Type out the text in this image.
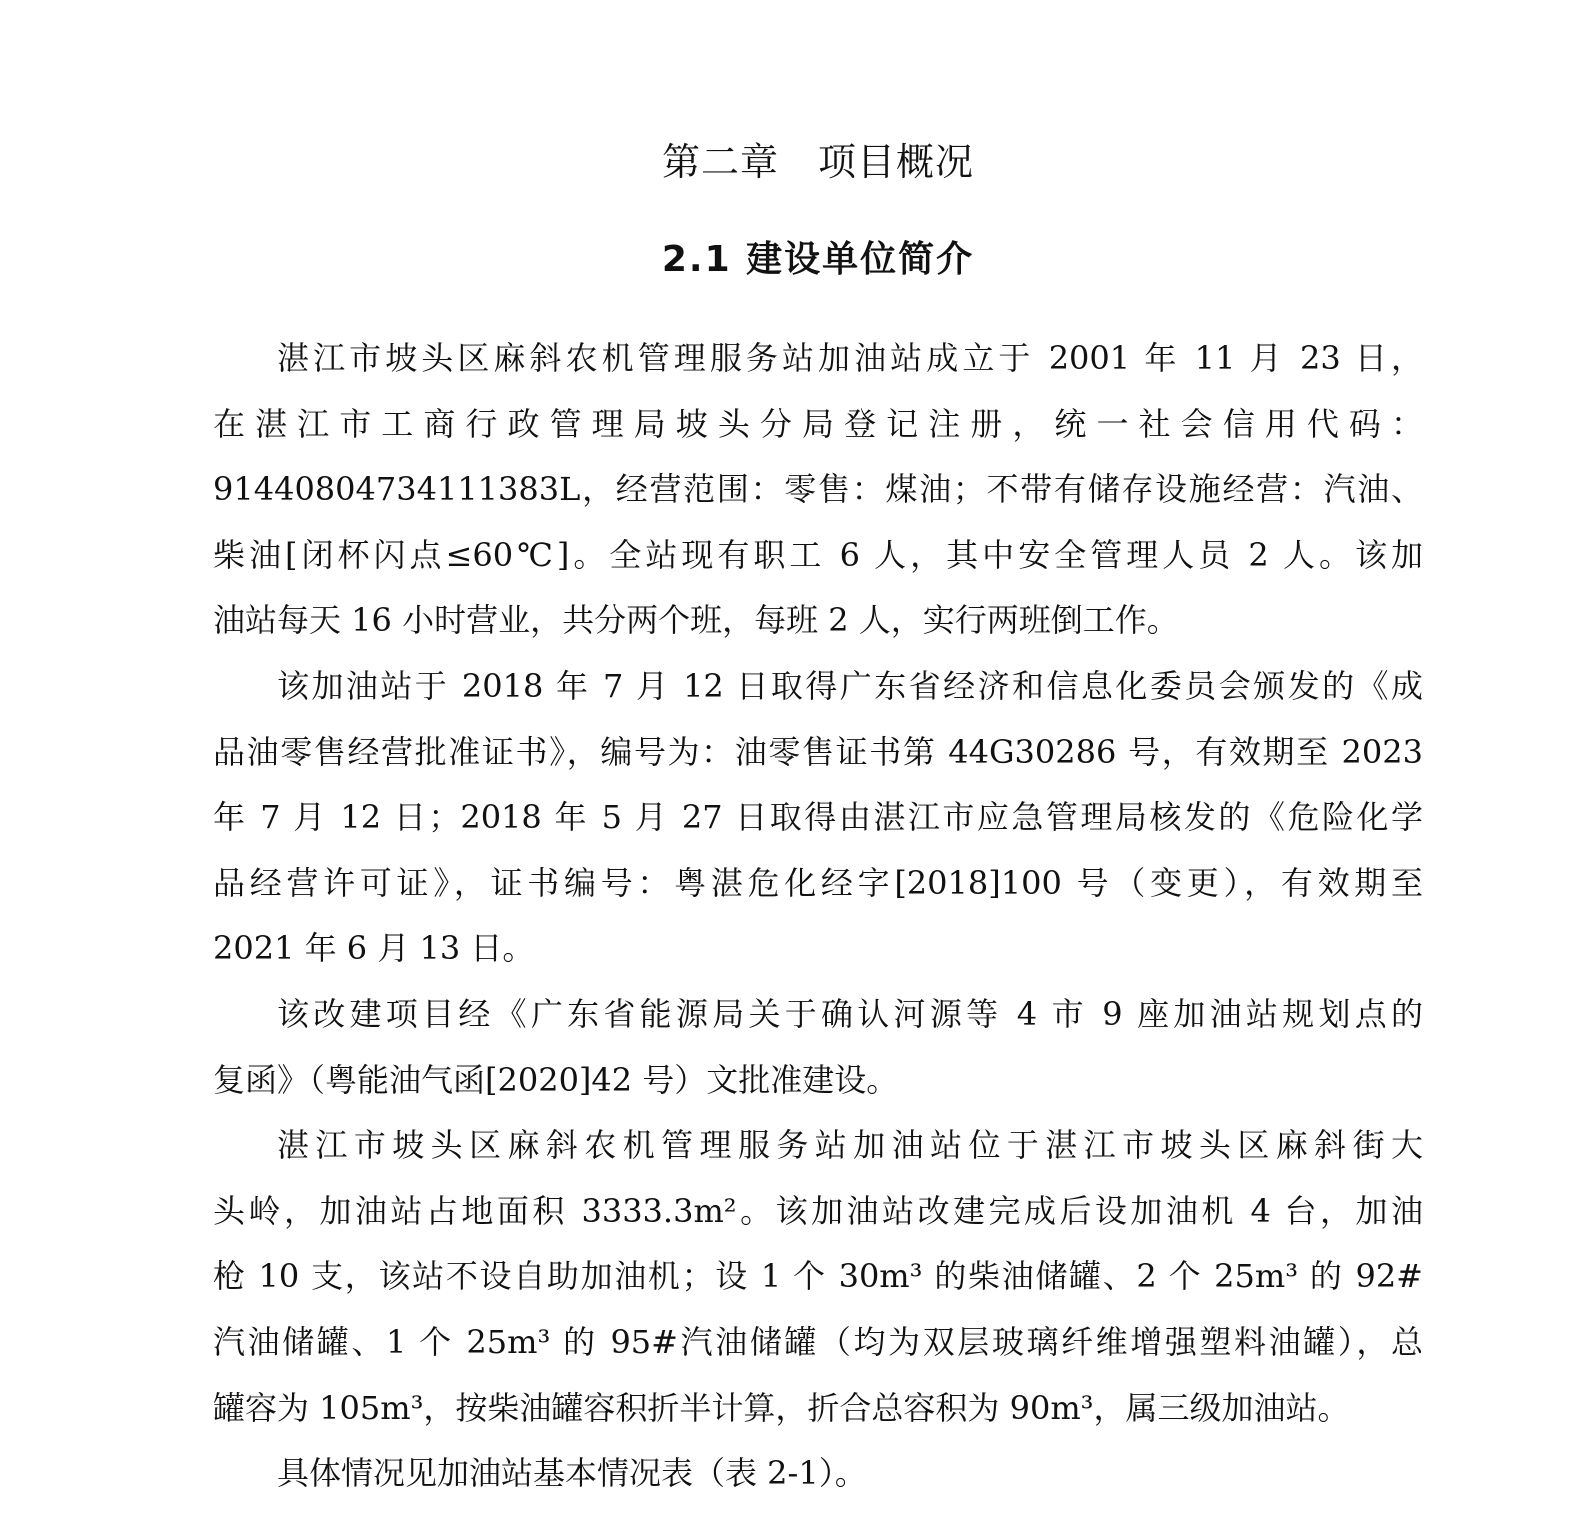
第二章　项目概况
2.1 建设单位简介

湛江市坡头区麻斜农机管理服务站加油站成立于 2001 年 11 月 23 日，
在湛江市工商行政管理局坡头分局登记注册，统一社会信用代码：
91440804734111383L，经营范围：零售：煤油；不带有储存设施经营：汽油、
柴油[闭杯闪点≤60℃]。全站现有职工 6 人，其中安全管理人员 2 人。该加
油站每天 16 小时营业，共分两个班，每班 2 人，实行两班倒工作。

该加油站于 2018 年 7 月 12 日取得广东省经济和信息化委员会颁发的《成
品油零售经营批准证书》，编号为：油零售证书第 44G30286 号，有效期至 2023
年 7 月 12 日；2018 年 5 月 27 日取得由湛江市应急管理局核发的《危险化学
品经营许可证》，证书编号：粤湛危化经字[2018]100 号（变更），有效期至
2021 年 6 月 13 日。

该改建项目经《广东省能源局关于确认河源等 4 市 9 座加油站规划点的
复函》（粤能油气函[2020]42 号）文批准建设。

湛江市坡头区麻斜农机管理服务站加油站位于湛江市坡头区麻斜街大
头岭，加油站占地面积 3333.3m²。该加油站改建完成后设加油机 4 台，加油
枪 10 支，该站不设自助加油机；设 1 个 30m³ 的柴油储罐、2 个 25m³ 的 92#
汽油储罐、1 个 25m³ 的 95#汽油储罐（均为双层玻璃纤维增强塑料油罐），总
罐容为 105m³，按柴油罐容积折半计算，折合总容积为 90m³，属三级加油站。

具体情况见加油站基本情况表（表 2-1）。
